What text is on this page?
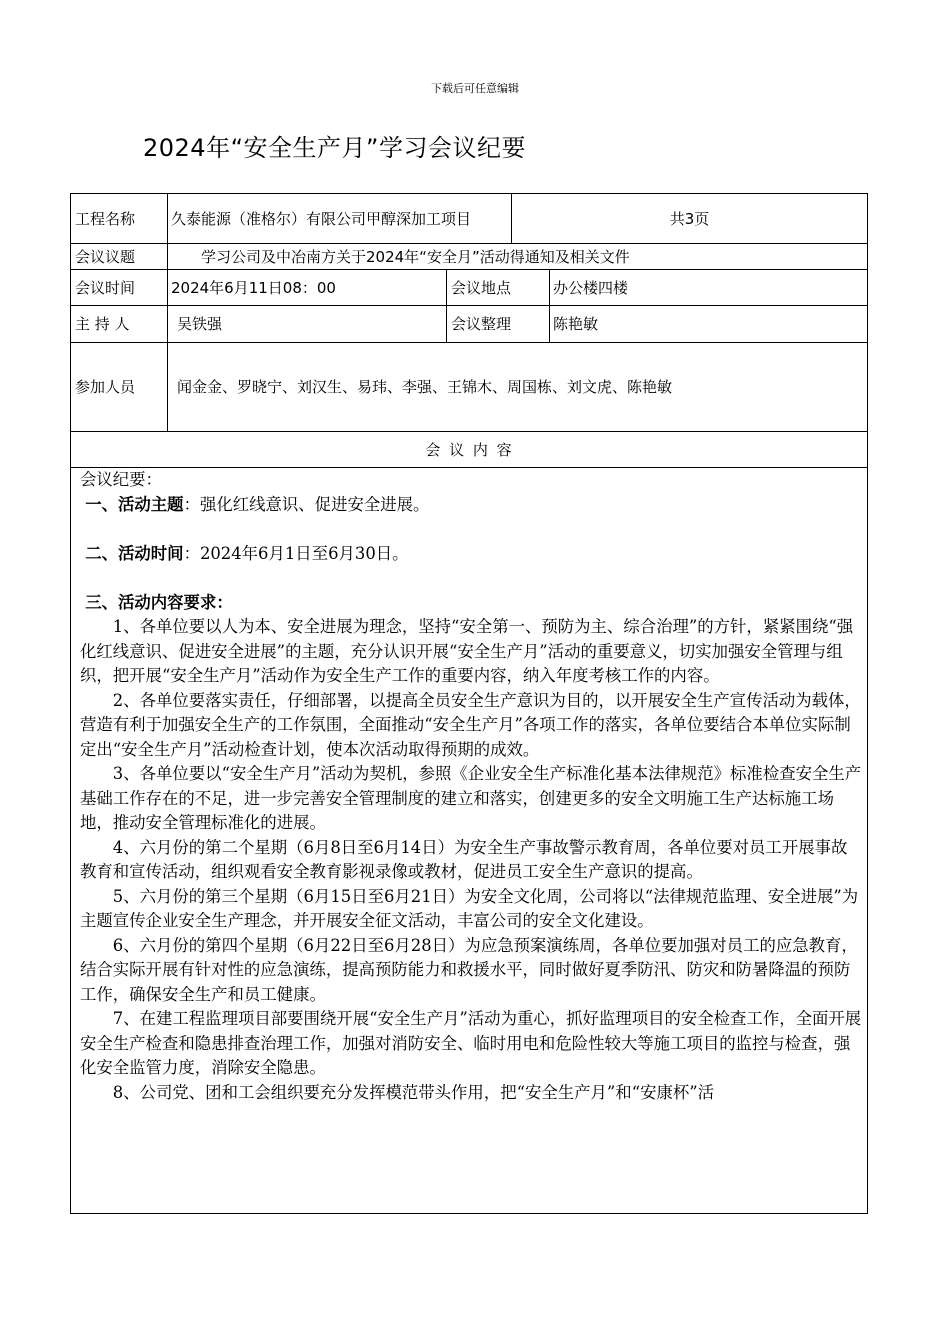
下载后可任意编辑
2024年“安全生产月”学习会议纪要
工程名称	久泰能源（准格尔）有限公司甲醇深加工项目	共3页
会议议题	学习公司及中冶南方关于2024年“安全月”活动得通知及相关文件
会议时间	2024年6月11日08：00	会议地点	办公楼四楼
主 持 人	吴铁强	会议整理	陈艳敏
参加人员	闻金金、罗晓宁、刘汉生、易玮、李强、王锦木、周国栋、刘文虎、陈艳敏
会 议 内 容

会议纪要：

一、活动主题：强化红线意识、促进安全进展。

二、活动时间：2024年6月1日至6月30日。

三、活动内容要求：

1、各单位要以人为本、安全进展为理念，坚持“安全第一、预防为主、综合治理”的方针，紧紧围绕“强化红线意识、促进安全进展”的主题，充分认识开展“安全生产月”活动的重要意义，切实加强安全管理与组织，把开展“安全生产月”活动作为安全生产工作的重要内容，纳入年度考核工作的内容。

2、各单位要落实责任，仔细部署，以提高全员安全生产意识为目的，以开展安全生产宣传活动为载体，营造有利于加强安全生产的工作氛围，全面推动“安全生产月”各项工作的落实，各单位要结合本单位实际制定出“安全生产月”活动检查计划，使本次活动取得预期的成效。

3、各单位要以“安全生产月”活动为契机，参照《企业安全生产标准化基本法律规范》标准检查安全生产基础工作存在的不足，进一步完善安全管理制度的建立和落实，创建更多的安全文明施工生产达标施工场地，推动安全管理标准化的进展。

4、六月份的第二个星期（6月8日至6月14日）为安全生产事故警示教育周，各单位要对员工开展事故教育和宣传活动，组织观看安全教育影视录像或教材，促进员工安全生产意识的提高。

5、六月份的第三个星期（6月15日至6月21日）为安全文化周，公司将以“法律规范监理、安全进展”为主题宣传企业安全生产理念，并开展安全征文活动，丰富公司的安全文化建设。

6、六月份的第四个星期（6月22日至6月28日）为应急预案演练周，各单位要加强对员工的应急教育，结合实际开展有针对性的应急演练，提高预防能力和救援水平，同时做好夏季防汛、防灾和防暑降温的预防工作，确保安全生产和员工健康。

7、在建工程监理项目部要围绕开展“安全生产月”活动为重心，抓好监理项目的安全检查工作，全面开展安全生产检查和隐患排查治理工作，加强对消防安全、临时用电和危险性较大等施工项目的监控与检查，强化安全监管力度，消除安全隐患。

8、公司党、团和工会组织要充分发挥模范带头作用，把“安全生产月”和“安康杯”活
